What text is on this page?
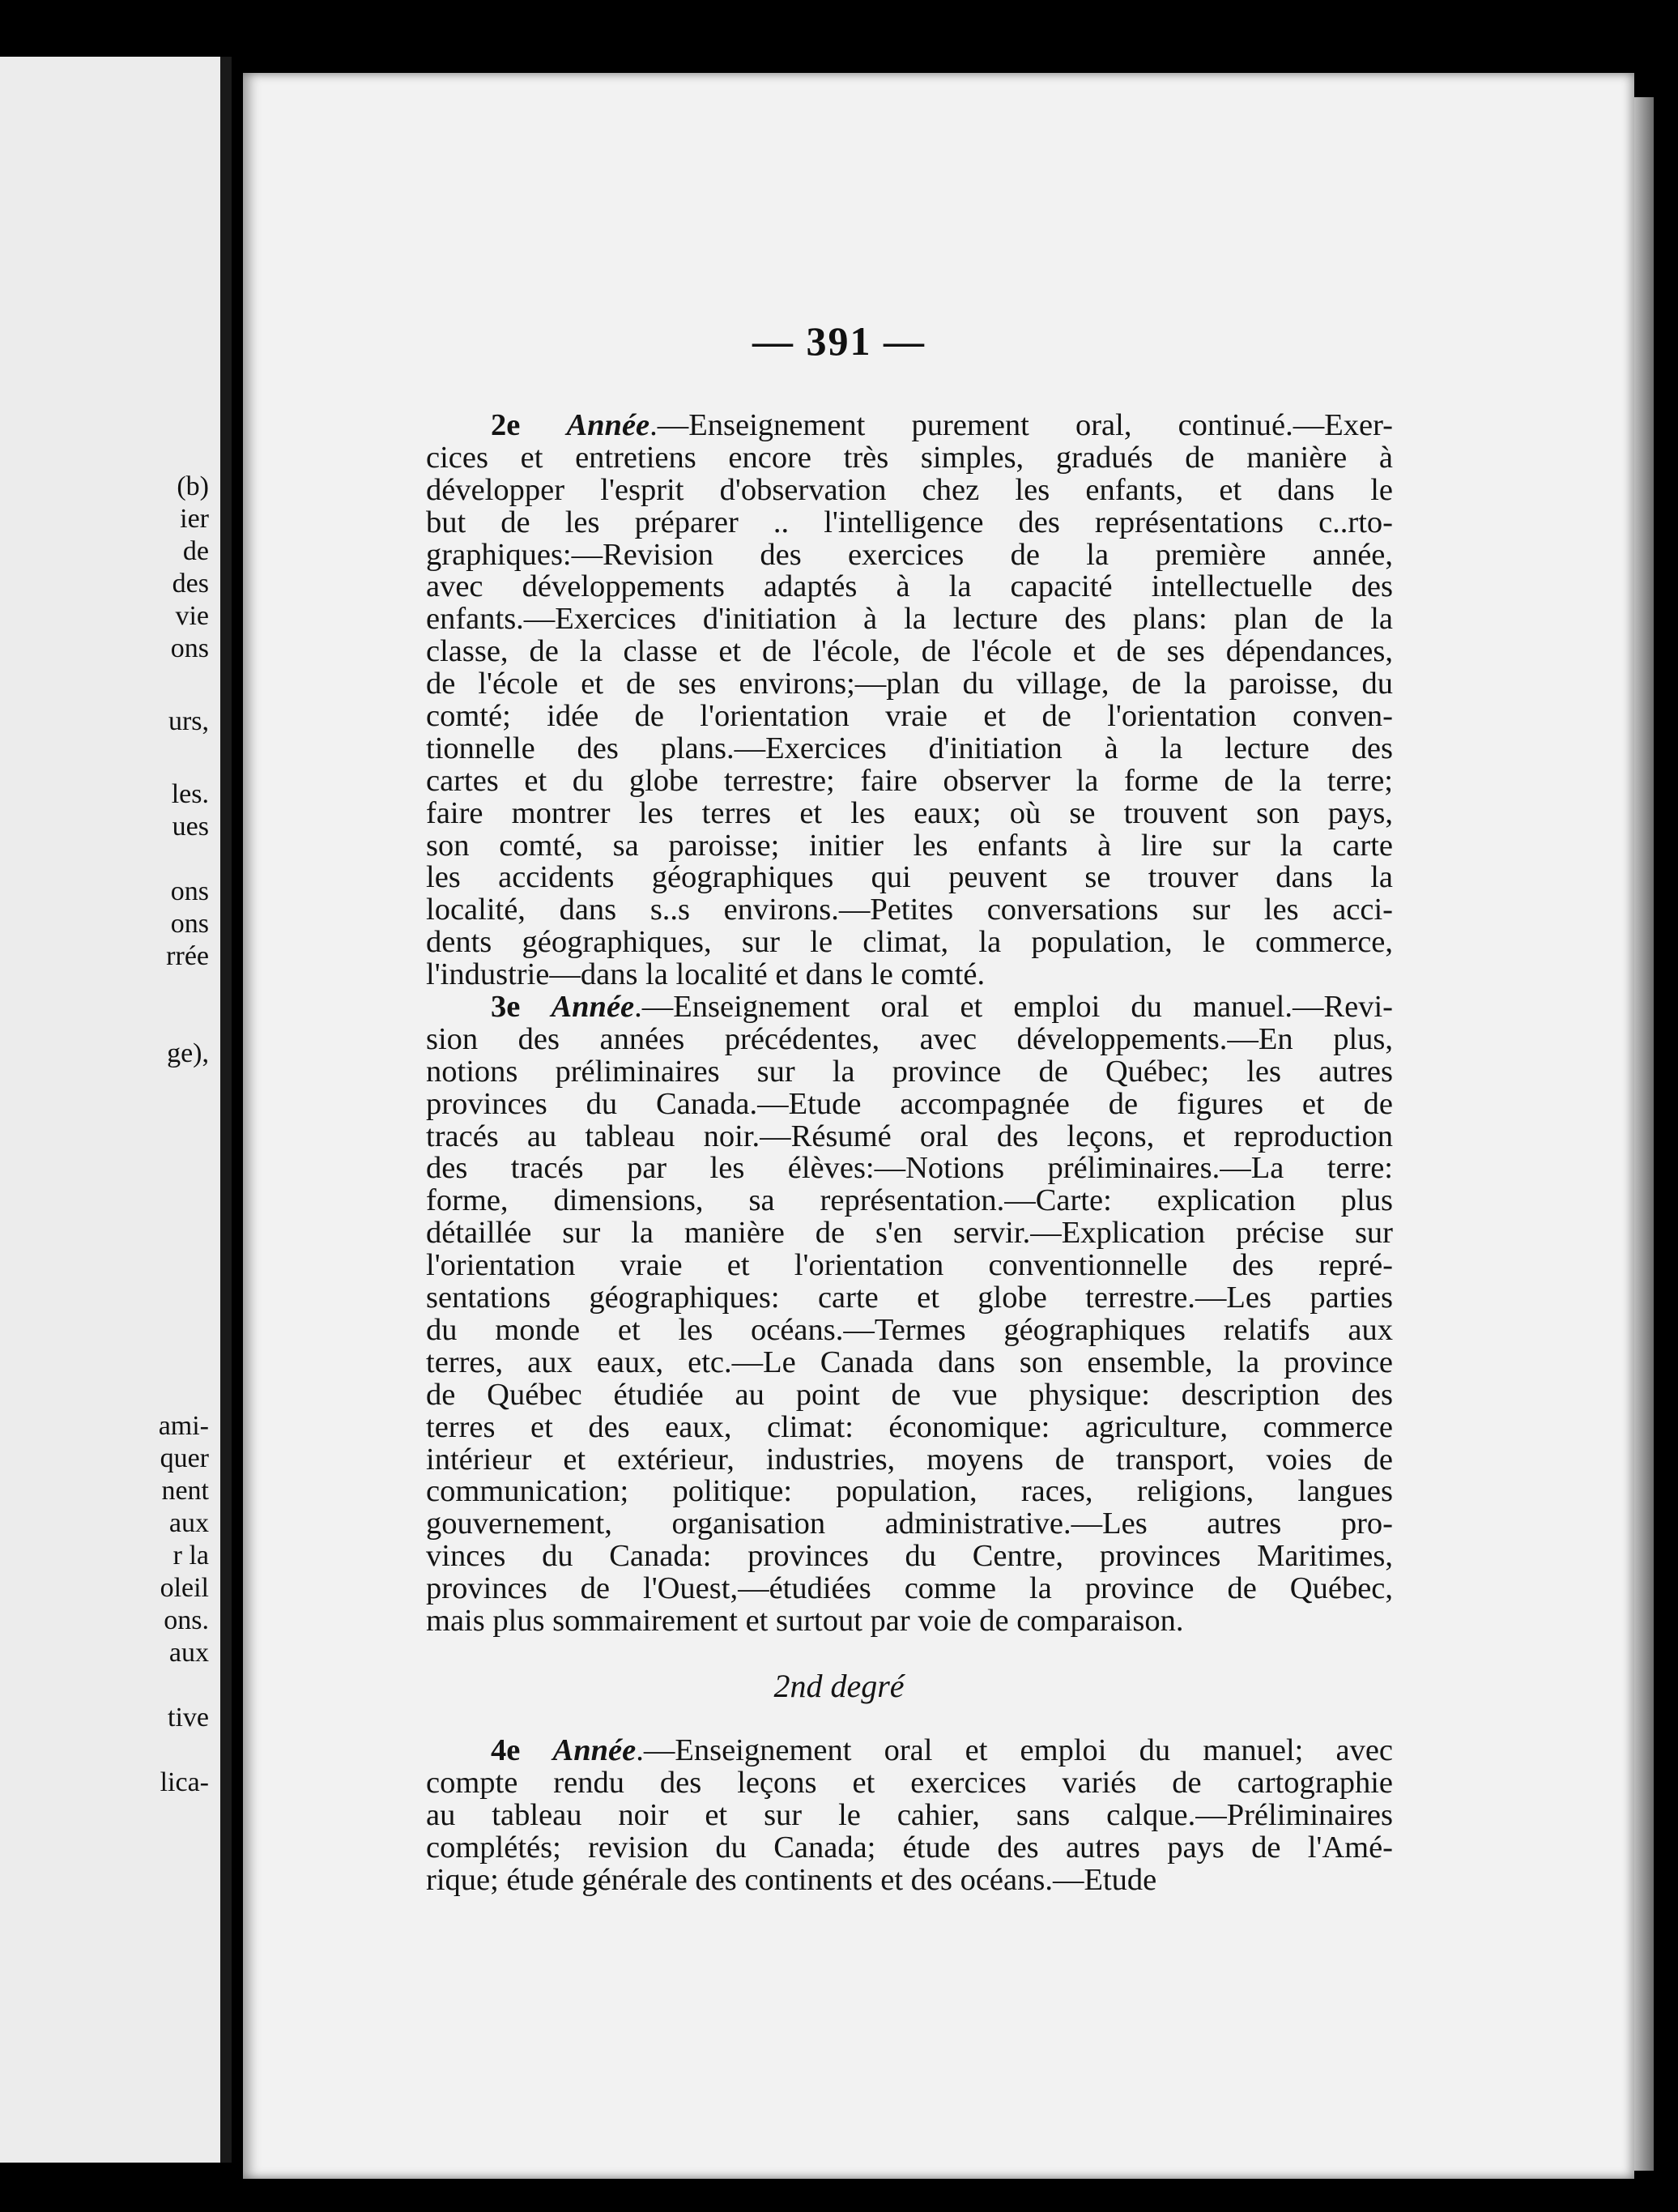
(b)
ier
de
des
vie
ons
urs,
les.
ues
ons
ons
rrée
ge),
ami-
quer
nent
aux
r la
oleil
ons.
aux
tive
lica-
— 391 —
2e Année.—Enseignement purement oral, continué.—Exer-
cices et entretiens encore très simples, gradués de manière à
développer l'esprit d'observation chez les enfants, et dans le
but de les préparer .. l'intelligence des représentations c..rto-
graphiques:—Revision des exercices de la première année,
avec développements adaptés à la capacité intellectuelle des
enfants.—Exercices d'initiation à la lecture des plans: plan de la
classe, de la classe et de l'école, de l'école et de ses dépendances,
de l'école et de ses environs;—plan du village, de la paroisse, du
comté; idée de l'orientation vraie et de l'orientation conven-
tionnelle des plans.—Exercices d'initiation à la lecture des
cartes et du globe terrestre; faire observer la forme de la terre;
faire montrer les terres et les eaux; où se trouvent son pays,
son comté, sa paroisse; initier les enfants à lire sur la carte
les accidents géographiques qui peuvent se trouver dans la
localité, dans s..s environs.—Petites conversations sur les acci-
dents géographiques, sur le climat, la population, le commerce,
l'industrie—dans la localité et dans le comté.
3e Année.—Enseignement oral et emploi du manuel.—Revi-
sion des années précédentes, avec développements.—En plus,
notions préliminaires sur la province de Québec; les autres
provinces du Canada.—Etude accompagnée de figures et de
tracés au tableau noir.—Résumé oral des leçons, et reproduction
des tracés par les élèves:—Notions préliminaires.—La terre:
forme, dimensions, sa représentation.—Carte: explication plus
détaillée sur la manière de s'en servir.—Explication précise sur
l'orientation vraie et l'orientation conventionnelle des repré-
sentations géographiques: carte et globe terrestre.—Les parties
du monde et les océans.—Termes géographiques relatifs aux
terres, aux eaux, etc.—Le Canada dans son ensemble, la province
de Québec étudiée au point de vue physique: description des
terres et des eaux, climat: économique: agriculture, commerce
intérieur et extérieur, industries, moyens de transport, voies de
communication; politique: population, races, religions, langues
gouvernement, organisation administrative.—Les autres pro-
vinces du Canada: provinces du Centre, provinces Maritimes,
provinces de l'Ouest,—étudiées comme la province de Québec,
mais plus sommairement et surtout par voie de comparaison.
2nd degré
4e Année.—Enseignement oral et emploi du manuel; avec
compte rendu des leçons et exercices variés de cartographie
au tableau noir et sur le cahier, sans calque.—Préliminaires
complétés; revision du Canada; étude des autres pays de l'Amé-
rique; étude générale des continents et des océans.—Etude
